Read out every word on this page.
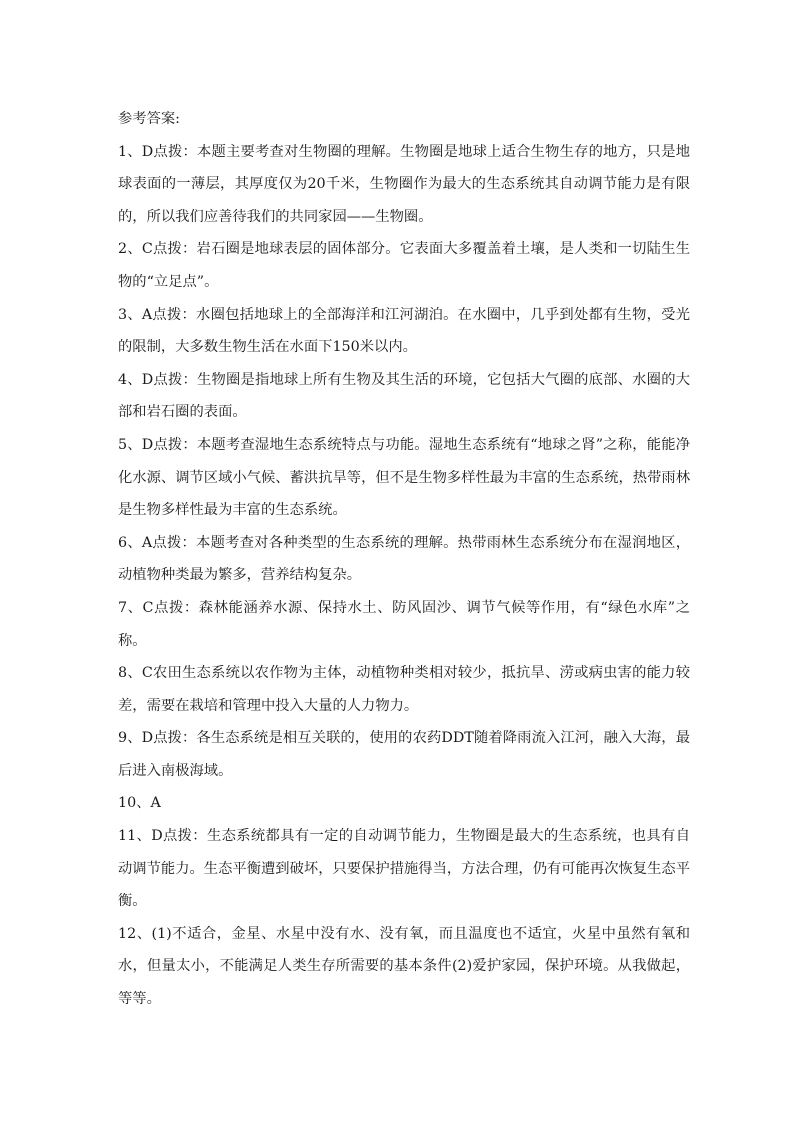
参考答案:

1、D点拨：本题主要考查对生物圈的理解。生物圈是地球上适合生物生存的地方，只是地球表面的一薄层，其厚度仅为20千米，生物圈作为最大的生态系统其自动调节能力是有限的，所以我们应善待我们的共同家园——生物圈。

2、C点拨：岩石圈是地球表层的固体部分。它表面大多覆盖着土壤，是人类和一切陆生生物的“立足点”。

3、A点拨：水圈包括地球上的全部海洋和江河湖泊。在水圈中，几乎到处都有生物，受光的限制，大多数生物生活在水面下150米以内。

4、D点拨：生物圈是指地球上所有生物及其生活的环境，它包括大气圈的底部、水圈的大部和岩石圈的表面。

5、D点拨：本题考查湿地生态系统特点与功能。湿地生态系统有“地球之肾”之称，能能净化水源、调节区域小气候、蓄洪抗旱等，但不是生物多样性最为丰富的生态系统，热带雨林是生物多样性最为丰富的生态系统。

6、A点拨：本题考查对各种类型的生态系统的理解。热带雨林生态系统分布在湿润地区，动植物种类最为繁多，营养结构复杂。

7、C点拨：森林能涵养水源、保持水土、防风固沙、调节气候等作用，有“绿色水库”之称。

8、C农田生态系统以农作物为主体，动植物种类相对较少，抵抗旱、涝或病虫害的能力较差，需要在栽培和管理中投入大量的人力物力。

9、D点拨：各生态系统是相互关联的，使用的农药DDT随着降雨流入江河，融入大海，最后进入南极海域。

10、A

11、D点拨：生态系统都具有一定的自动调节能力，生物圈是最大的生态系统，也具有自动调节能力。生态平衡遭到破坏，只要保护措施得当，方法合理，仍有可能再次恢复生态平衡。

12、(1)不适合，金星、水星中没有水、没有氧，而且温度也不适宜，火星中虽然有氧和水，但量太小，不能满足人类生存所需要的基本条件(2)爱护家园，保护环境。从我做起，等等。
